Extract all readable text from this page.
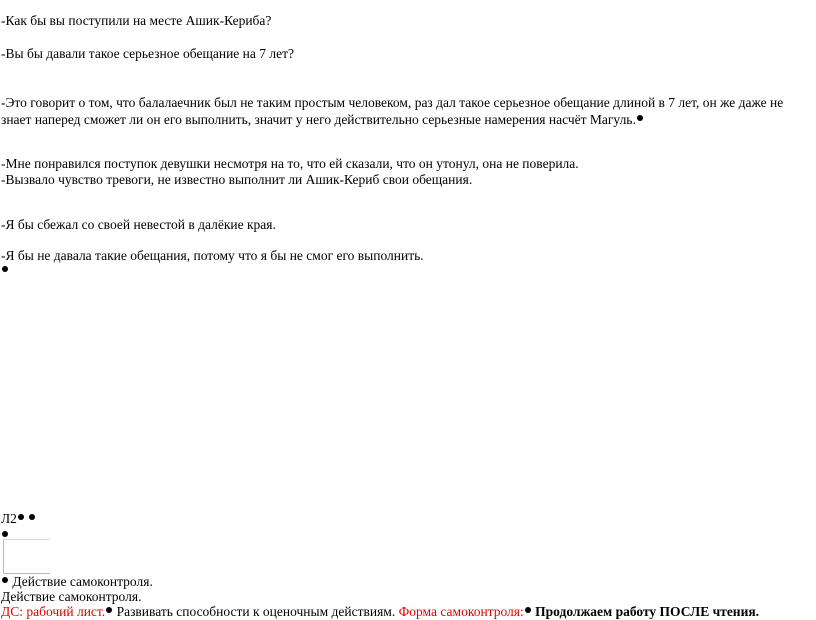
-Как бы вы поступили на месте Ашик-Кериба?
-Вы бы давали такое серьезное обещание на 7 лет?
-Это говорит о том, что балалаечник был не таким простым человеком, раз дал такое серьезное обещание длиной в 7 лет, он же даже не знает наперед сможет ли он его выполнить, значит у него действительно серьезные намерения насчёт Магуль.
-Мне понравился поступок девушки несмотря на то, что ей сказали, что он утонул, она не поверила.
-Вызвало чувство тревоги, не известно выполнит ли Ашик-Кериб свои обещания.
-Я бы сбежал со своей невестой в далёкие края.
-Я бы не давала такие обещания, потому что я бы не смог его выполнить.
Л2
Действие самоконтроля.
Действие самоконтроля.
ДС: рабочий лист. Развивать способности к оценочным действиям. Форма самоконтроля: Продолжаем работу ПОСЛЕ чтения.
